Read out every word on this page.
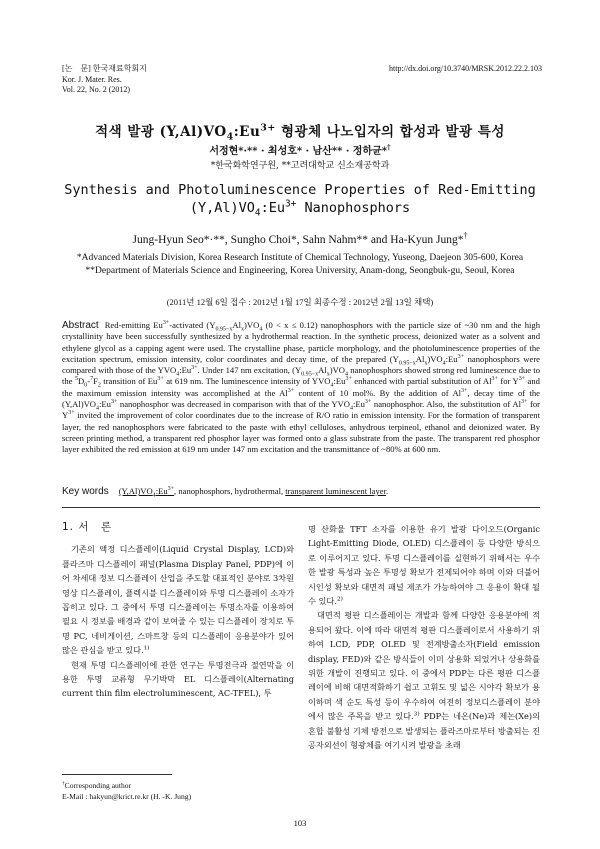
[논　문] 한국재료학회지
Kor. J. Mater. Res.
Vol. 22, No. 2 (2012)
http://dx.doi.org/10.3740/MRSK.2012.22.2.103
적색 발광 $(Y,Al)VO_4:Eu^{3+}$ 형광체 나노입자의 합성과 발광 특성
서정현*·** · 최성호* · 남산** · 정하균*†
*한국화학연구원, **고려대학교 신소재공학과
Synthesis and Photoluminescence Properties of Red-Emitting
$(Y,Al)VO_4:Eu^{3+}$ Nanophosphors
Jung-Hyun Seo*·**, Sungho Choi*, Sahn Nahm** and Ha-Kyun Jung*†
*Advanced Materials Division, Korea Research Institute of Chemical Technology, Yuseong, Daejeon 305-600, Korea
**Department of Materials Science and Engineering, Korea University, Anam-dong, Seongbuk-gu, Seoul, Korea
(2011년 12월 6일 접수 : 2012년 1월 17일 최종수정 : 2012년 2월 13일 채택)
Abstract Red-emitting $Eu^{3+}$-activated $(Y_{0.95-x}Al_x)VO_4$ (0 < x ≤ 0.12) nanophosphors with the particle size of ~30 nm and the high crystallinity have been successfully synthesized by a hydrothermal reaction. In the synthetic process, deionized water as a solvent and ethylene glycol as a capping agent were used. The crystalline phase, particle morphology, and the photoluminescence properties of the excitation spectrum, emission intensity, color coordinates and decay time, of the prepared $(Y_{0.95-x}Al_x)VO_4:Eu^{3+}$ nanophosphors were compared with those of the $YVO_4:Eu^{3+}$. Under 147 nm excitation, $(Y_{0.95-x}Al_x)VO_4$ nanophosphors showed strong red luminescence due to the $^5D_0-^7F_2$ transition of $Eu^{3+}$ at 619 nm. The luminescence intensity of $YVO_4:Eu^{3+}$ enhanced with partial substitution of $Al^{3+}$ for $Y^{3+}$ and the maximum emission intensity was accomplished at the $Al^{3+}$ content of 10 mol%. By the addition of $Al^{3+}$, decay time of the $(Y,Al)VO_4:Eu^{3+}$ nanophosphor was decreased in comparison with that of the $YVO_4:Eu^{3+}$ nanophosphor. Also, the substitution of $Al^{3+}$ for $Y^{3+}$ invited the improvement of color coordinates due to the increase of R/O ratio in emission intensity. For the formation of transparent layer, the red nanophosphors were fabricated to the paste with ethyl celluloses, anhydrous terpineol, ethanol and deionized water. By screen printing method, a transparent red phosphor layer was formed onto a glass substrate from the paste. The transparent red phosphor layer exhibited the red emission at 619 nm under 147 nm excitation and the transmittance of ~80% at 600 nm.
Key words $(Y,Al)VO_4:Eu^{3+}$, nanophosphors, hydrothermal, transparent luminescent layer.
1. 서　론

기존의 액정 디스플레이(Liquid Crystal Display, LCD)와 플라즈마 디스플레이 패널(Plasma Display Panel, PDP)에 이어 차세대 정보 디스플레이 산업을 주도할 대표적인 분야로 3차원 영상 디스플레이, 플렉시블 디스플레이와 투명 디스플레이 소자가 꼽히고 있다. 그 중에서 투명 디스플레이는 투명소자를 이용하여 필요 시 정보를 배경과 같이 보여줄 수 있는 디스플레이 장치로 투명 PC, 네비게이션, 스마트창 등의 디스플레이 응용분야가 있어 많은 관심을 받고 있다.$^{1)}$

현재 투명 디스플레이에 관한 연구는 투명전극과 절연막을 이용한 투명 교류형 무기박막 EL 디스플레이(Alternating current thin film electroluminescent, AC-TFEL), 투

명 산화물 TFT 소자를 이용한 유기 발광 다이오드(Organic Light-Emitting Diode, OLED) 디스플레이 등 다양한 방식으로 이루어지고 있다. 투명 디스플레이를 실현하기 위해서는 우수한 발광 특성과 높은 투명성 확보가 전제되어야 하며 이와 더불어 시인성 확보와 대면적 패널 제조가 가능하여야 그 응용이 확대 될 수 있다.$^{2)}$

대면적 평판 디스플레이는 개발과 함께 다양한 응용분야에 적용되어 왔다. 이에 따라 대면적 평판 디스플레이로서 사용하기 위하여 LCD, PDP, OLED 및 전계방출소자(Field emission display, FED)와 같은 방식들이 이미 상용화 되었거나 상용화를 위한 개발이 진행되고 있다. 이 중에서 PDP는 다른 평판 디스플레이에 비해 대면적화하기 쉽고 고휘도 및 넓은 시야각 확보가 용이하며 색 순도 특성 등이 우수하여 여전히 정보디스플레이 분야에서 많은 주목을 받고 있다.$^{3)}$ PDP는 네온(Ne)과 제논(Xe)의 혼합 불활성 기체 방전으로 발생되는 플라즈마로부터 방출되는 진공자외선이 형광체를 여기시켜 발광을 초래

†Corresponding author
E-Mail : hakyun@krict.re.kr (H. -K. Jung)
103
